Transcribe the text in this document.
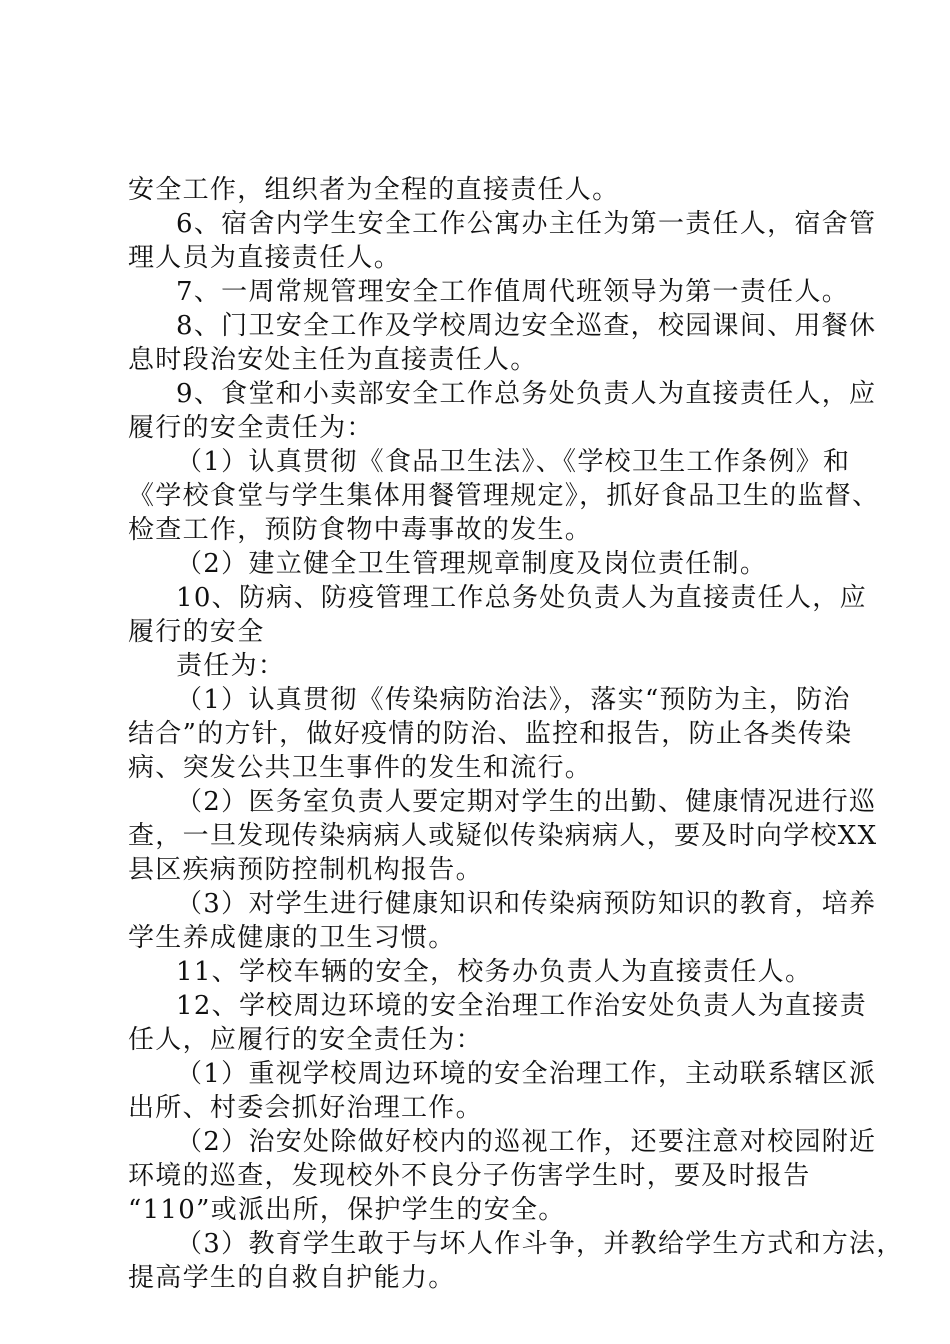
安全工作，组织者为全程的直接责任人。

6、宿舍内学生安全工作公寓办主任为第一责任人，宿舍管

理人员为直接责任人。

7、一周常规管理安全工作值周代班领导为第一责任人。

8、门卫安全工作及学校周边安全巡查，校园课间、用餐休

息时段治安处主任为直接责任人。

9、食堂和小卖部安全工作总务处负责人为直接责任人，应

履行的安全责任为：

（1）认真贯彻《食品卫生法》、《学校卫生工作条例》和

《学校食堂与学生集体用餐管理规定》，抓好食品卫生的监督、

检查工作，预防食物中毒事故的发生。

（2）建立健全卫生管理规章制度及岗位责任制。

10、防病、防疫管理工作总务处负责人为直接责任人，应

履行的安全

责任为：

（1）认真贯彻《传染病防治法》，落实“预防为主，防治

结合”的方针，做好疫情的防治、监控和报告，防止各类传染

病、突发公共卫生事件的发生和流行。

（2）医务室负责人要定期对学生的出勤、健康情况进行巡

查，一旦发现传染病病人或疑似传染病病人，要及时向学校XX

县区疾病预防控制机构报告。

（3）对学生进行健康知识和传染病预防知识的教育，培养

学生养成健康的卫生习惯。

11、学校车辆的安全，校务办负责人为直接责任人。

12、学校周边环境的安全治理工作治安处负责人为直接责

任人，应履行的安全责任为：

（1）重视学校周边环境的安全治理工作，主动联系辖区派

出所、村委会抓好治理工作。

（2）治安处除做好校内的巡视工作，还要注意对校园附近

环境的巡查，发现校外不良分子伤害学生时，要及时报告

“110”或派出所，保护学生的安全。

（3）教育学生敢于与坏人作斗争，并教给学生方式和方法，

提高学生的自救自护能力。
